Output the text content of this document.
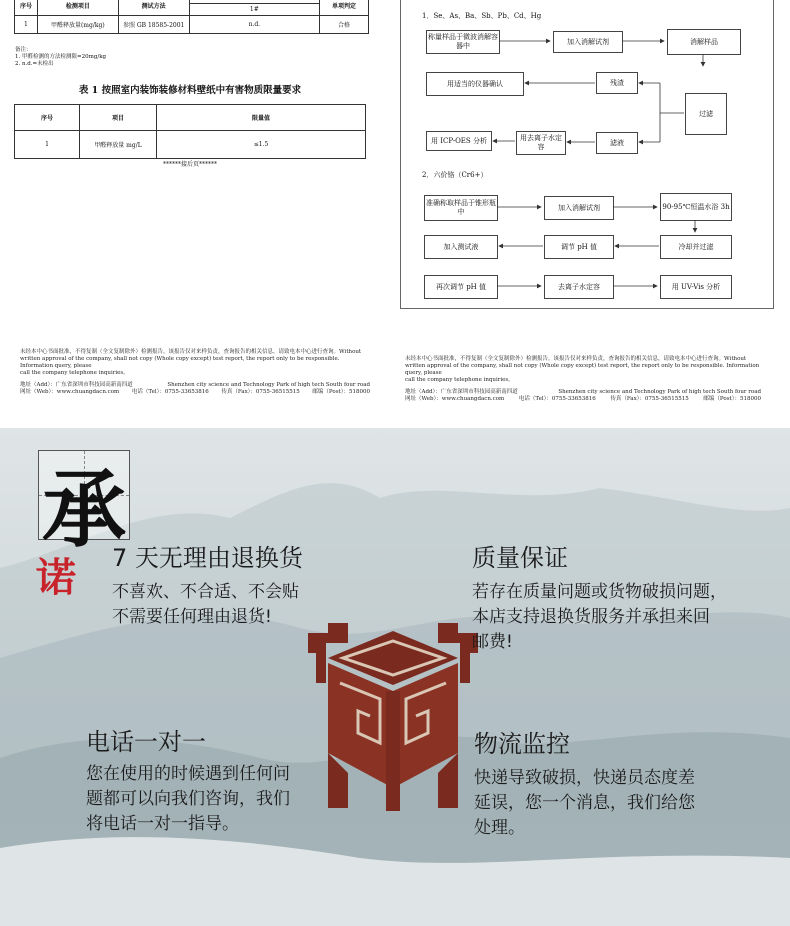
序号	检测项目	测试方法		单项判定
			1#	
1	甲醛释放量(mg/kg)	参照 GB 18585-2001	n.d.	合格
备注：
1. 甲醛检测的方法检测限=20mg/kg
2. n.d.=未检出
表 1 按照室内装饰装修材料壁纸中有害物质限量要求
序号	项目	限量值
1	甲醛释放量 mg/L	≤1.5
******接后页******
未经本中心书面批准，不得复制（全文复制除外）检测报告。该报告仅对来样负责，查询报告的相关信息，请致电本中心进行查询。Without
written approval of the company, shall not copy (Whole copy except) test report, the report only to be responsible. Information query, please
call the company telephone inquiries。
地址（Add）：广东省深圳市科技园高新南四道	Shenzhen city science and Technology Park of high tech South four road
网址（Web）：www.chuangdacn.com 电话（Tel）：0755-33653816 传真（Fax）：0755-36515515 邮编（Post）：518000
1．Se、As、Ba、Sb、Pb、Cd、Hg
称量样品于微波消解容器中
加入消解试剂	消解样品
用适当的仪器确认	残渣
过滤
用 ICP-OES 分析	用去离子水定容
滤液
2．六价铬（Cr6+）
准确称取样品于锥形瓶中
加入消解试剂	90-95℃恒温水浴 3h
加入测试液	调节 pH 值	冷却并过滤
再次调节 pH 值	去离子水定容	用 UV-Vis 分析
未经本中心书面批准，不得复制（全文复制除外）检测报告。该报告仅对来样负责，查询报告的相关信息，请致电本中心进行查询。Without
written approval of the company, shall not copy (Whole copy except) test report, the report only to be responsible. Information query, please
call the company telephone inquiries。
地址（Add）：广东省深圳市科技园高新南四道	Shenzhen city science and Technology Park of high tech South four road
网址（Web）：www.chuangdacn.com	电话（Tel）：0755-33653816	传真（Fax）：0755-36515515	邮编（Post）：518000
承
诺 7 天无理由退换货
不喜欢、不合适、不会贴
不需要任何理由退货!
质量保证
若存在质量问题或货物破损问题，
本店支持退换货服务并承担来回
邮费!
电话一对一
您在使用的时候遇到任何问
题都可以向我们咨询，我们
将电话一对一指导。
物流监控
快递导致破损，快递员态度差
延误，您一个消息，我们给您
处理。
